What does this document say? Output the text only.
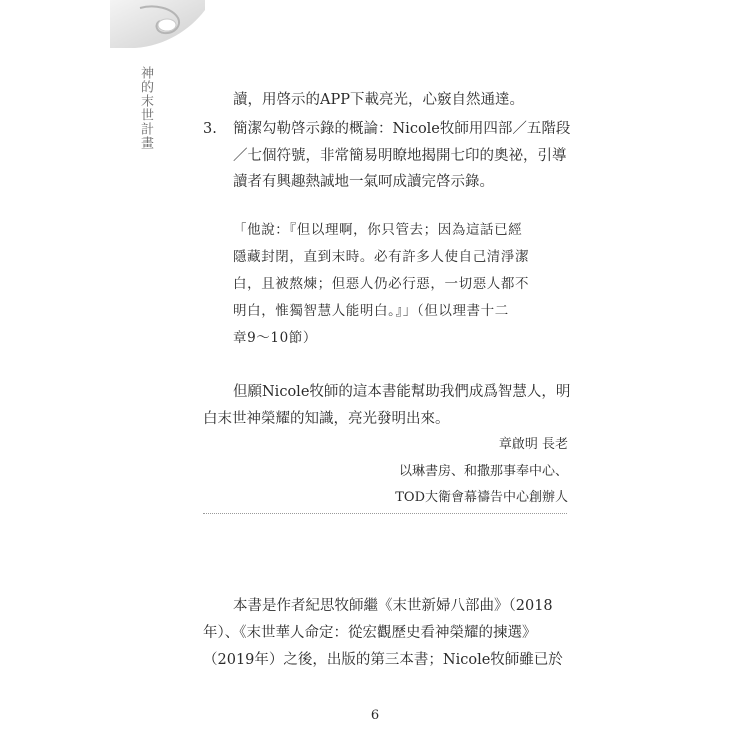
神的末世計畫	讀，用啓示的APP下載亮光，心竅自然通達。
3. 簡潔勾勒啓示錄的概論：Nicole牧師用四部／五階段
／七個符號，非常簡易明瞭地揭開七印的奧祕，引導
讀者有興趣熱誠地一氣呵成讀完啓示錄。
「他說：『但以理啊，你只管去；因為這話已經
隱藏封閉，直到末時。必有許多人使自己清淨潔
白，且被熬煉；但惡人仍必行惡，一切惡人都不
明白，惟獨智慧人能明白。』」（但以理書十二
章9～10節）
但願Nicole牧師的這本書能幫助我們成爲智慧人，明
白末世神榮耀的知識，亮光發明出來。
章啟明 長老
以琳書房、和撒那事奉中心、
TOD大衛會幕禱告中心創辦人
本書是作者紀思牧師繼《末世新婦八部曲》（2018
年）、《末世華人命定：從宏觀歷史看神榮耀的揀選》
（2019年）之後，出版的第三本書；Nicole牧師雖已於
6
